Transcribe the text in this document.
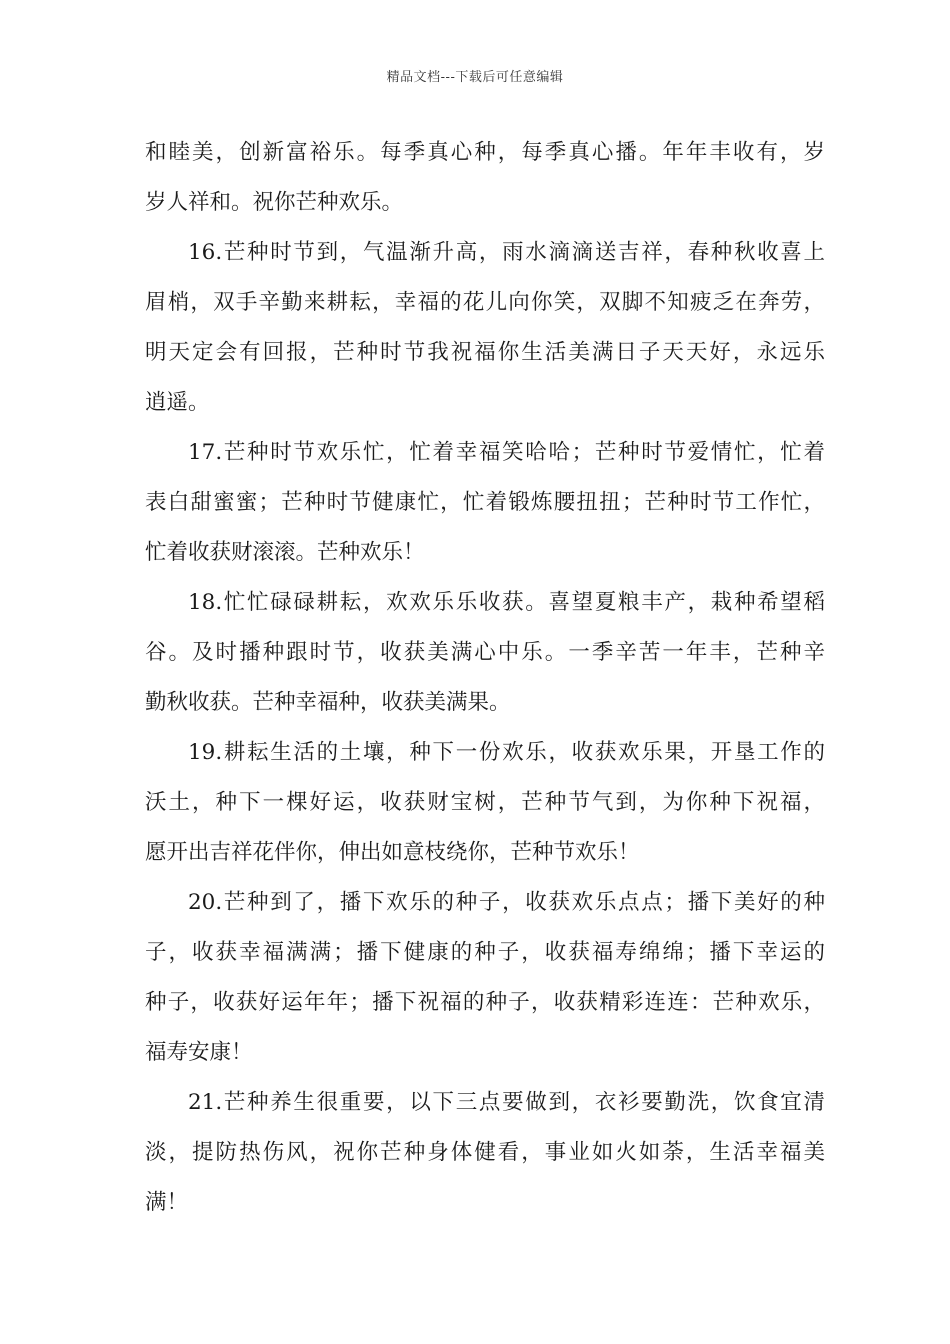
精品文档---下载后可任意编辑

和睦美，创新富裕乐。每季真心种，每季真心播。年年丰收有，岁
岁人祥和。祝你芒种欢乐。

16.芒种时节到，气温渐升高，雨水滴滴送吉祥，春种秋收喜上
眉梢，双手辛勤来耕耘，幸福的花儿向你笑，双脚不知疲乏在奔劳，
明天定会有回报，芒种时节我祝福你生活美满日子天天好，永远乐
逍遥。

17.芒种时节欢乐忙，忙着幸福笑哈哈；芒种时节爱情忙，忙着
表白甜蜜蜜；芒种时节健康忙，忙着锻炼腰扭扭；芒种时节工作忙，
忙着收获财滚滚。芒种欢乐！

18.忙忙碌碌耕耘，欢欢乐乐收获。喜望夏粮丰产，栽种希望稻
谷。及时播种跟时节，收获美满心中乐。一季辛苦一年丰，芒种辛
勤秋收获。芒种幸福种，收获美满果。

19.耕耘生活的土壤，种下一份欢乐，收获欢乐果，开垦工作的
沃土，种下一棵好运，收获财宝树，芒种节气到，为你种下祝福，
愿开出吉祥花伴你，伸出如意枝绕你，芒种节欢乐！

20.芒种到了，播下欢乐的种子，收获欢乐点点；播下美好的种
子，收获幸福满满；播下健康的种子，收获福寿绵绵；播下幸运的
种子，收获好运年年；播下祝福的种子，收获精彩连连：芒种欢乐，
福寿安康！

21.芒种养生很重要，以下三点要做到，衣衫要勤洗，饮食宜清
淡，提防热伤风，祝你芒种身体健看，事业如火如荼，生活幸福美
满！
